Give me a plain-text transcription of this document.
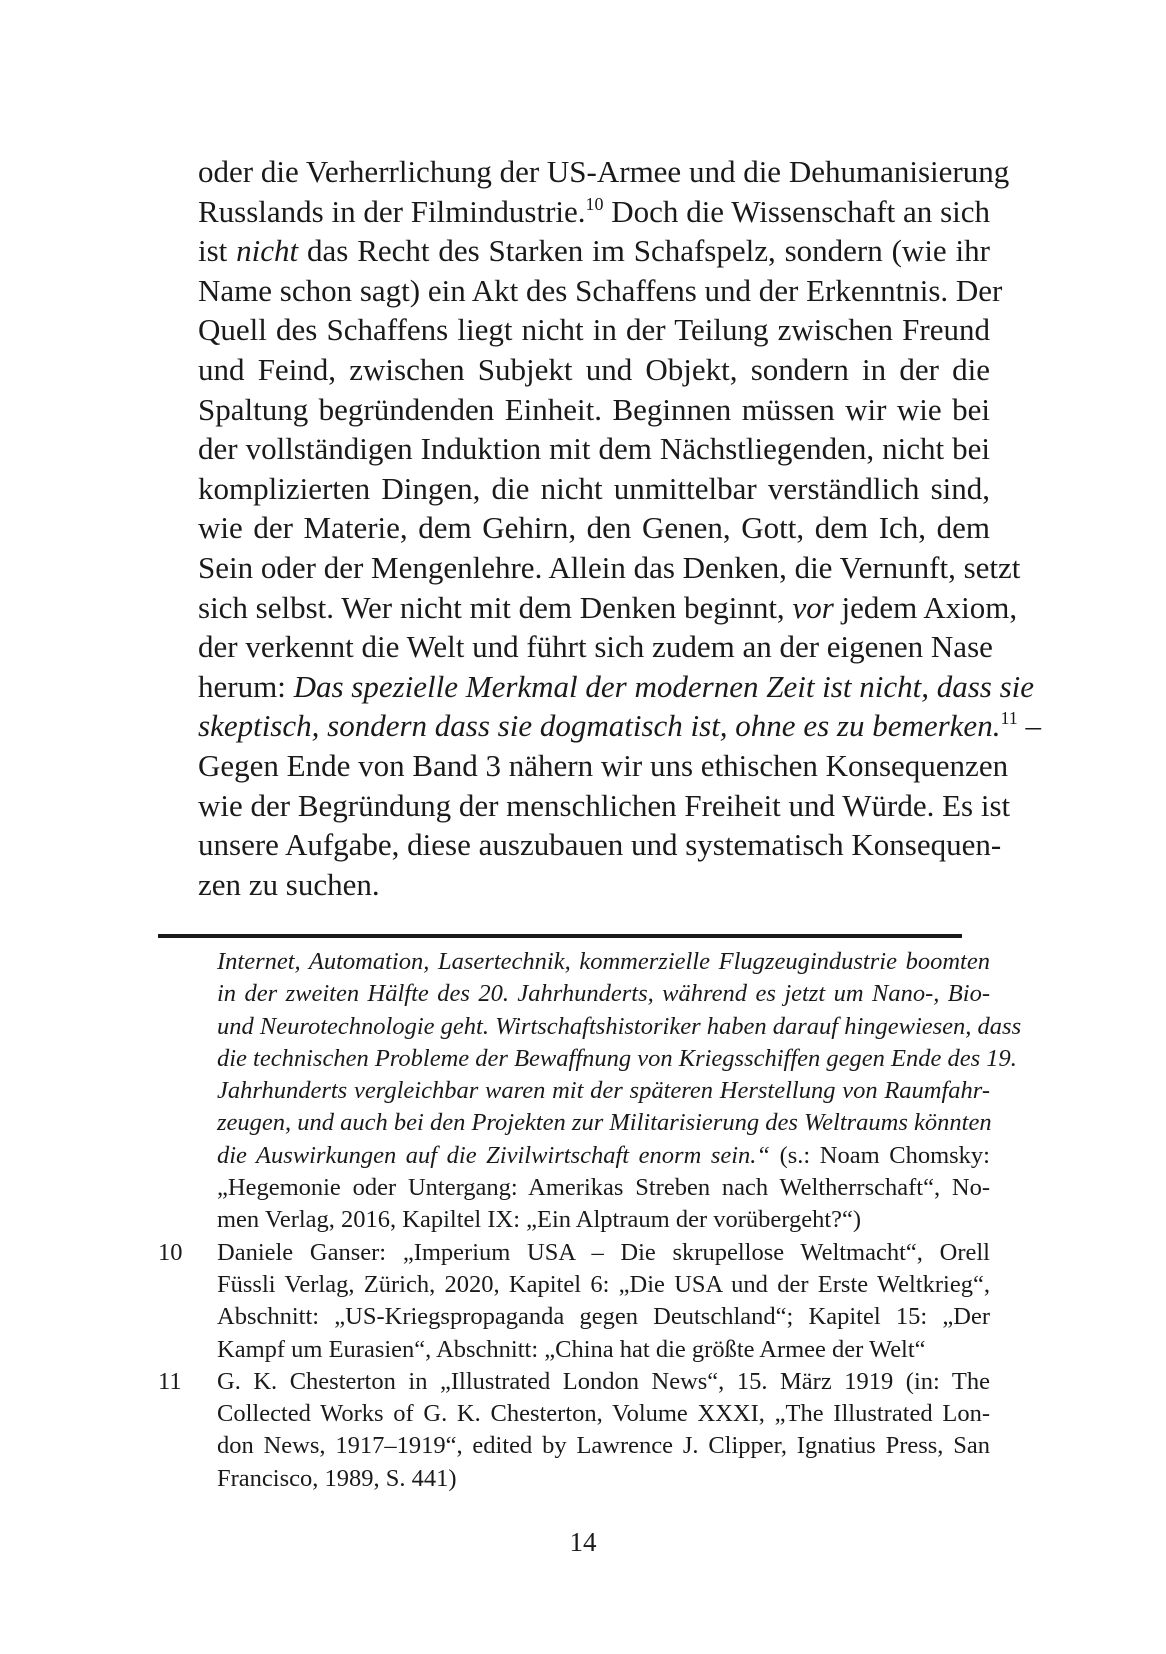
oder die Verherrlichung der US-Armee und die Dehumanisierung
Russlands in der Filmindustrie.$^{10}$ Doch die Wissenschaft an sich
ist nicht das Recht des Starken im Schafspelz, sondern (wie ihr
Name schon sagt) ein Akt des Schaffens und der Erkenntnis. Der
Quell des Schaffens liegt nicht in der Teilung zwischen Freund
und Feind, zwischen Subjekt und Objekt, sondern in der die
Spaltung begründenden Einheit. Beginnen müssen wir wie bei
der vollständigen Induktion mit dem Nächstliegenden, nicht bei
komplizierten Dingen, die nicht unmittelbar verständlich sind,
wie der Materie, dem Gehirn, den Genen, Gott, dem Ich, dem
Sein oder der Mengenlehre. Allein das Denken, die Vernunft, setzt
sich selbst. Wer nicht mit dem Denken beginnt, vor jedem Axiom,
der verkennt die Welt und führt sich zudem an der eigenen Nase
herum: Das spezielle Merkmal der modernen Zeit ist nicht, dass sie
skeptisch, sondern dass sie dogmatisch ist, ohne es zu bemerken.$^{11}$ –
Gegen Ende von Band 3 nähern wir uns ethischen Konsequenzen
wie der Begründung der menschlichen Freiheit und Würde. Es ist
unsere Aufgabe, diese auszubauen und systematisch Konsequen-
zen zu suchen.
Internet, Automation, Lasertechnik, kommerzielle Flugzeugindustrie boomten
in der zweiten Hälfte des 20. Jahrhunderts, während es jetzt um Nano-, Bio-
und Neurotechnologie geht. Wirtschaftshistoriker haben darauf hingewiesen, dass
die technischen Probleme der Bewaffnung von Kriegsschiffen gegen Ende des 19.
Jahrhunderts vergleichbar waren mit der späteren Herstellung von Raumfahr-
zeugen, und auch bei den Projekten zur Militarisierung des Weltraums könnten
die Auswirkungen auf die Zivilwirtschaft enorm sein.“ (s.: Noam Chomsky:
„Hegemonie oder Untergang: Amerikas Streben nach Weltherrschaft“, No-
men Verlag, 2016, Kapiltel IX: „Ein Alptraum der vorübergeht?“)
10 Daniele Ganser: „Imperium USA – Die skrupellose Weltmacht“, Orell
Füssli Verlag, Zürich, 2020, Kapitel 6: „Die USA und der Erste Weltkrieg“,
Abschnitt: „US-Kriegspropaganda gegen Deutschland“; Kapitel 15: „Der
Kampf um Eurasien“, Abschnitt: „China hat die größte Armee der Welt“
11 G. K. Chesterton in „Illustrated London News“, 15. März 1919 (in: The
Collected Works of G. K. Chesterton, Volume XXXI, „The Illustrated Lon-
don News, 1917–1919“, edited by Lawrence J. Clipper, Ignatius Press, San
Francisco, 1989, S. 441)
14
